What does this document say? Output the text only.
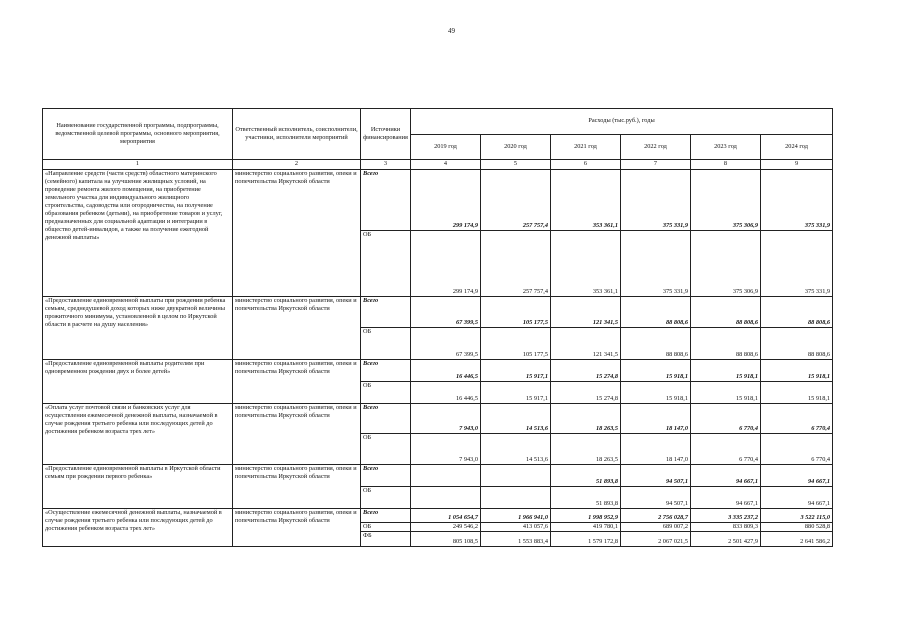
49
Наименование государственной программы, подпрограммы, ведомственной целевой программы, основного мероприятия, мероприятия	Ответственный исполнитель, соисполнители, участники, исполнители мероприятий	Источники финансирования	Расходы (тыс.руб.), годы					
			2019 год	2020 год	2021 год	2022 год	2023 год	2024 год
1	2	3	4	5	6	7	8	9
«Направление средств (части средств) областного материнского (семейного) капитала на улучшение жилищных условий, на проведение ремонта жилого помещения, на приобретение земельного участка для индивидуального жилищного строительства, садоводства или огородничества, на получение образования ребенком (детьми), на приобретение товаров и услуг, предназначенных для социальной адаптации и интеграции в общество детей-инвалидов, а также на получение ежегодной денежной выплаты»	министерство социального развития, опеки и попечительства Иркутской области	Всего	299 174,9	257 757,4	353 361,1	375 331,9	375 306,9	375 331,9
		ОБ	299 174,9	257 757,4	353 361,1	375 331,9	375 306,9	375 331,9
«Предоставление единовременной выплаты при рождении ребенка семьям, среднедушевой доход которых ниже двукратной величины прожиточного минимума, установленной в целом по Иркутской области в расчете на душу населения»	министерство социального развития, опеки и попечительства Иркутской области	Всего	67 399,5	105 177,5	121 341,5	88 808,6	88 808,6	88 808,6
		ОБ	67 399,5	105 177,5	121 341,5	88 808,6	88 808,6	88 808,6
«Предоставление единовременной выплаты родителям при одновременном рождении двух и более детей»	министерство социального развития, опеки и попечительства Иркутской области	Всего	16 446,5	15 917,1	15 274,8	15 918,1	15 918,1	15 918,1
		ОБ	16 446,5	15 917,1	15 274,8	15 918,1	15 918,1	15 918,1
«Оплата услуг почтовой связи и банковских услуг для осуществления ежемесячной денежной выплаты, назначаемой в случае рождения третьего ребенка или последующих детей до достижения ребенком возраста трех лет»	министерство социального развития, опеки и попечительства Иркутской области	Всего	7 943,0	14 513,6	18 263,5	18 147,0	6 770,4	6 770,4
		ОБ	7 943,0	14 513,6	18 263,5	18 147,0	6 770,4	6 770,4
«Предоставление единовременной выплаты в Иркутской области семьям при рождении первого ребенка»	министерство социального развития, опеки и попечительства Иркутской области	Всего			51 893,8	94 507,1	94 667,1	94 667,1
		ОБ			51 893,8	94 507,1	94 667,1	94 667,1
«Осуществление ежемесячной денежной выплаты, назначаемой в случае рождения третьего ребенка или последующих детей до достижения ребенком возраста трех лет»	министерство социального развития, опеки и попечительства Иркутской области	Всего	1 054 654,7	1 966 941,0	1 998 952,9	2 756 028,7	3 335 237,2	3 522 115,0
		ОБ	249 546,2	413 057,6	419 780,1	689 007,2	833 809,3	880 528,8
		ФБ	805 108,5	1 553 883,4	1 579 172,8	2 067 021,5	2 501 427,9	2 641 586,2
